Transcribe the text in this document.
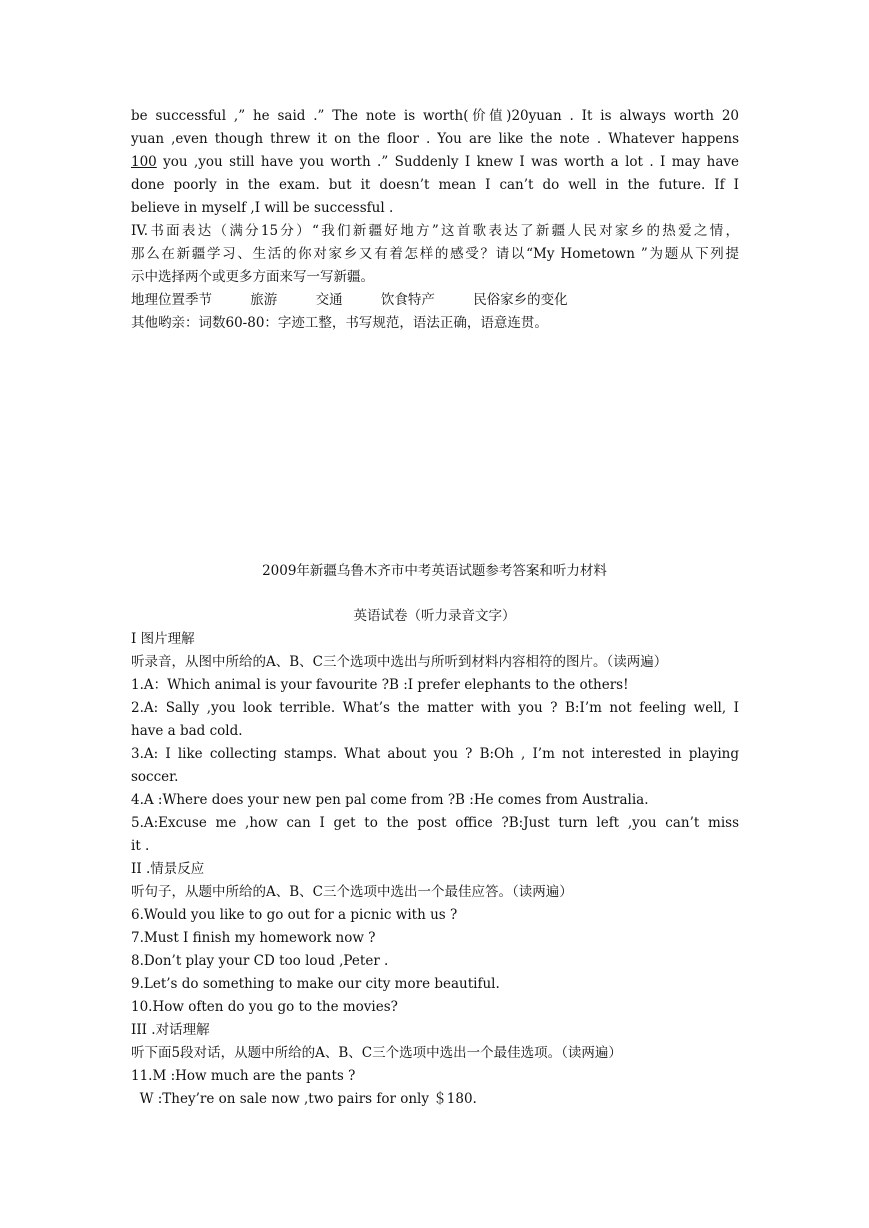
be successful ,” he said .” The note is worth(价值)20yuan . It is always worth 20
yuan ,even though threw it on the floor . You are like the note . Whatever happens
100 you ,you still have you worth .” Suddenly I knew I was worth a lot . I may have
done poorly in the exam. but it doesn’t mean I can’t do well in the future. If I
believe in myself ,I will be successful .
IV.书面表达（满分15分）“我们新疆好地方”这首歌表达了新疆人民对家乡的热爱之情，
那么在新疆学习、生活的你对家乡又有着怎样的感受？请以“My Hometown ”为题从下列提
示中选择两个或更多方面来写一写新疆。
地理位置季节	旅游	交通	饮食特产	民俗家乡的变化
其他哟亲：词数60-80：字迹工整，书写规范，语法正确，语意连贯。
2009年新疆乌鲁木齐市中考英语试题参考答案和听力材料
英语试卷（听力录音文字）
I 图片理解
听录音，从图中所给的A、B、C三个选项中选出与所听到材料内容相符的图片。（读两遍）
1.A：Which animal is your favourite ?B :I prefer elephants to the others!
2.A: Sally ,you look terrible. What’s the matter with you ? B:I’m not feeling well, I
have a bad cold.
3.A: I like collecting stamps. What about you ? B:Oh , I’m not interested in playing
soccer.
4.A :Where does your new pen pal come from ?B :He comes from Australia.
5.A:Excuse me ,how can I get to the post office ?B:Just turn left ,you can’t miss
it .
II .情景反应
听句子，从题中所给的A、B、C三个选项中选出一个最佳应答。（读两遍）
6.Would you like to go out for a picnic with us ?
7.Must I finish my homework now ?
8.Don’t play your CD too loud ,Peter .
9.Let’s do something to make our city more beautiful.
10.How often do you go to the movies?
III .对话理解
听下面5段对话，从题中所给的A、B、C三个选项中选出一个最佳选项。（读两遍）
11.M :How much are the pants ?
W :They’re on sale now ,two pairs for only ＄180.
